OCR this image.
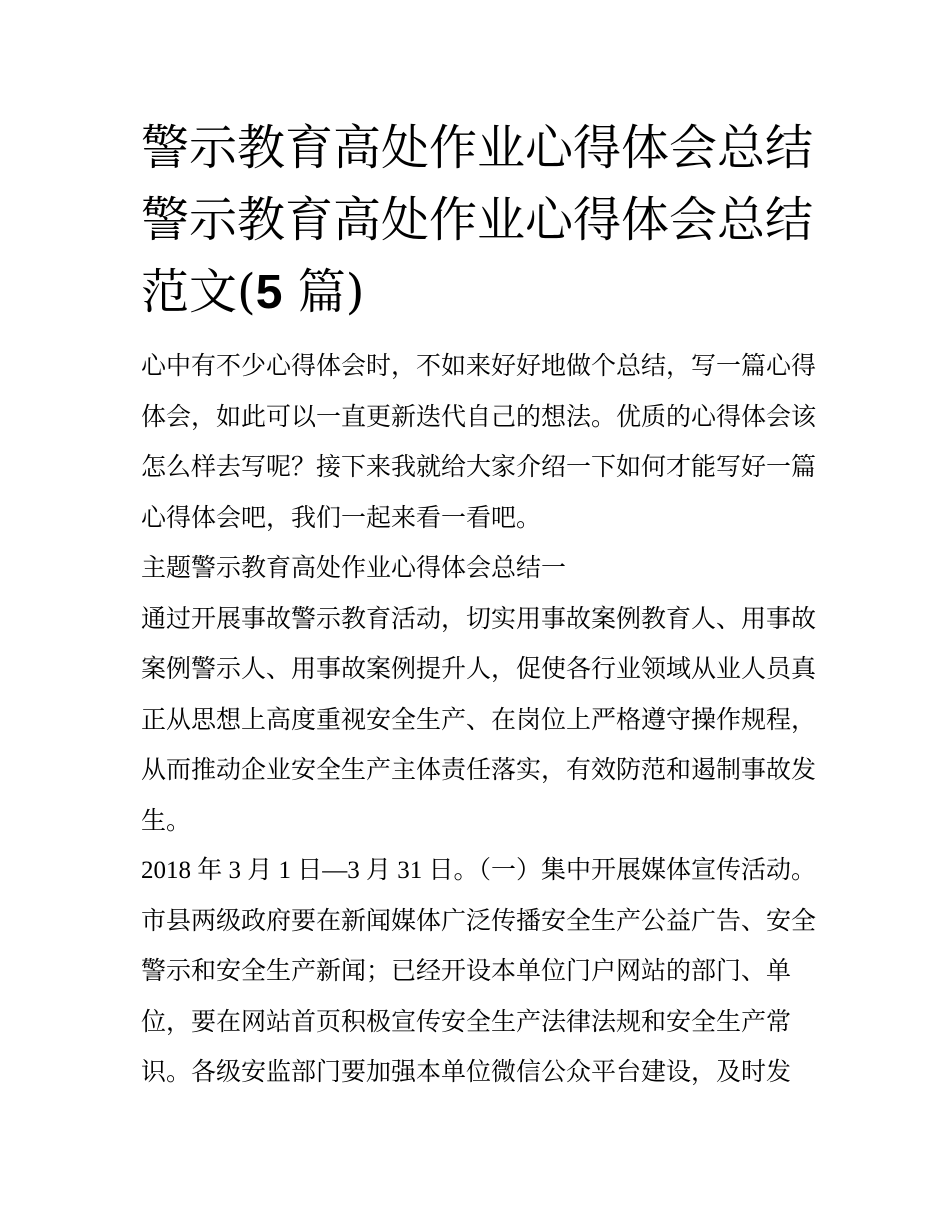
警示教育高处作业心得体会总结 警示教育高处作业心得体会总结范文(5 篇)

心中有不少心得体会时，不如来好好地做个总结，写一篇心得体会，如此可以一直更新迭代自己的想法。优质的心得体会该怎么样去写呢？接下来我就给大家介绍一下如何才能写好一篇心得体会吧，我们一起来看一看吧。

主题警示教育高处作业心得体会总结一

通过开展事故警示教育活动，切实用事故案例教育人、用事故案例警示人、用事故案例提升人，促使各行业领域从业人员真正从思想上高度重视安全生产、在岗位上严格遵守操作规程，从而推动企业安全生产主体责任落实，有效防范和遏制事故发生。

2018 年 3 月 1 日—3 月 31 日。（一）集中开展媒体宣传活动。市县两级政府要在新闻媒体广泛传播安全生产公益广告、安全警示和安全生产新闻；已经开设本单位门户网站的部门、单位，要在网站首页积极宣传安全生产法律法规和安全生产常识。各级安监部门要加强本单位微信公众平台建设，及时发
